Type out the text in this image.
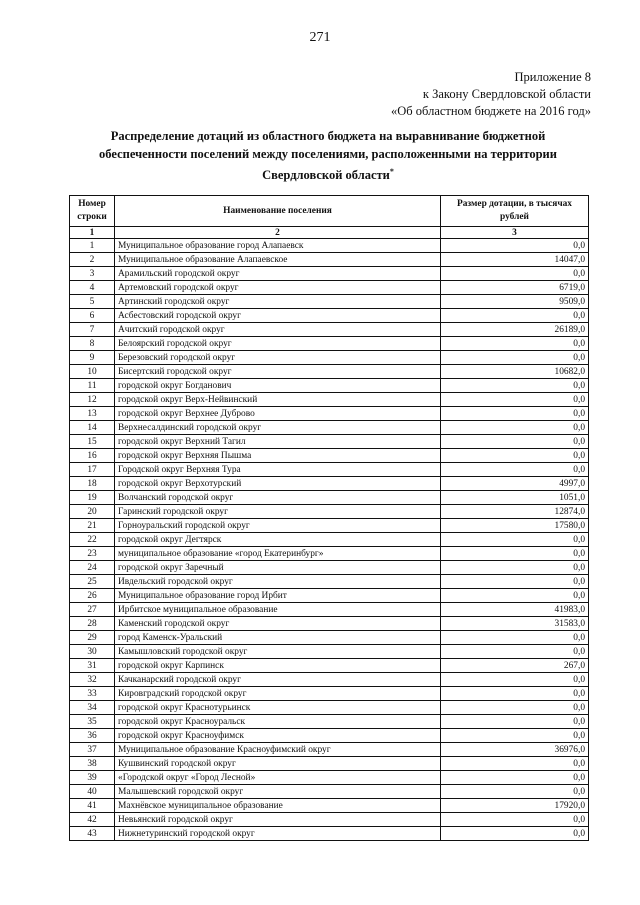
271
Приложение 8
к Закону Свердловской области
«Об областном бюджете на 2016 год»
Распределение дотаций из областного бюджета на выравнивание бюджетной
обеспеченности поселений между поселениями, расположенными на территории
Свердловской области*
Номер строки	Наименование поселения	Размер дотации, в тысячах рублей
1	2	3
1	Муниципальное образование город Алапаевск	0,0
2	Муниципальное образование Алапаевское	14047,0
3	Арамильский городской округ	0,0
4	Артемовский городской округ	6719,0
5	Артинский городской округ	9509,0
6	Асбестовский городской округ	0,0
7	Ачитский городской округ	26189,0
8	Белоярский городской округ	0,0
9	Березовский городской округ	0,0
10	Бисертский городской округ	10682,0
11	городской округ Богданович	0,0
12	городской округ Верх-Нейвинский	0,0
13	городской округ Верхнее Дуброво	0,0
14	Верхнесалдинский городской округ	0,0
15	городской округ Верхний Тагил	0,0
16	городской округ Верхняя Пышма	0,0
17	Городской округ Верхняя Тура	0,0
18	городской округ Верхотурский	4997,0
19	Волчанский городской округ	1051,0
20	Гаринский городской округ	12874,0
21	Горноуральский городской округ	17580,0
22	городской округ Дегтярск	0,0
23	муниципальное образование «город Екатеринбург»	0,0
24	городской округ Заречный	0,0
25	Ивдельский городской округ	0,0
26	Муниципальное образование город Ирбит	0,0
27	Ирбитское муниципальное образование	41983,0
28	Каменский городской округ	31583,0
29	город Каменск-Уральский	0,0
30	Камышловский городской округ	0,0
31	городской округ Карпинск	267,0
32	Качканарский городской округ	0,0
33	Кировградский городской округ	0,0
34	городской округ Краснотурьинск	0,0
35	городской округ Красноуральск	0,0
36	городской округ Красноуфимск	0,0
37	Муниципальное образование Красноуфимский округ	36976,0
38	Кушвинский городской округ	0,0
39	«Городской округ «Город Лесной»	0,0
40	Малышевский городской округ	0,0
41	Махнёвское муниципальное образование	17920,0
42	Невьянский городской округ	0,0
43	Нижнетуринский городской округ	0,0
